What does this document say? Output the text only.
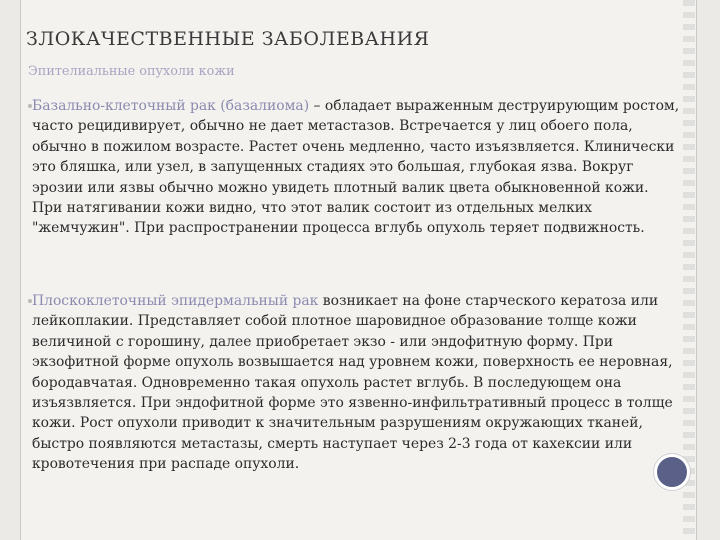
ЗЛОКАЧЕСТВЕННЫЕ ЗАБОЛЕВАНИЯ
Эпителиальные опухоли кожи

Базально-клеточный рак (базалиома) – обладает выраженным деструирующим ростом, часто рецидивирует, обычно не дает метастазов. Встречается у лиц обоего пола, обычно в пожилом возрасте. Растет очень медленно, часто изъязвляется. Клинически это бляшка, или узел, в запущенных стадиях это большая, глубокая язва. Вокруг эрозии или язвы обычно можно увидеть плотный валик цвета обыкновенной кожи. При натягивании кожи видно, что этот валик состоит из отдельных мелких "жемчужин". При распространении процесса вглубь опухоль теряет подвижность.

Плоскоклеточный эпидермальный рак возникает на фоне старческого кератоза или лейкоплакии. Представляет собой плотное шаровидное образование толще кожи величиной с горошину, далее приобретает экзо - или эндофитную форму. При экзофитной форме опухоль возвышается над уровнем кожи, поверхность ее неровная, бородавчатая. Одновременно такая опухоль растет вглубь. В последующем она изъязвляется. При эндофитной форме это язвенно-инфильтративный процесс в толще кожи. Рост опухоли приводит к значительным разрушениям окружающих тканей, быстро появляются метастазы, смерть наступает через 2-3 года от кахексии или кровотечения при распаде опухоли.
